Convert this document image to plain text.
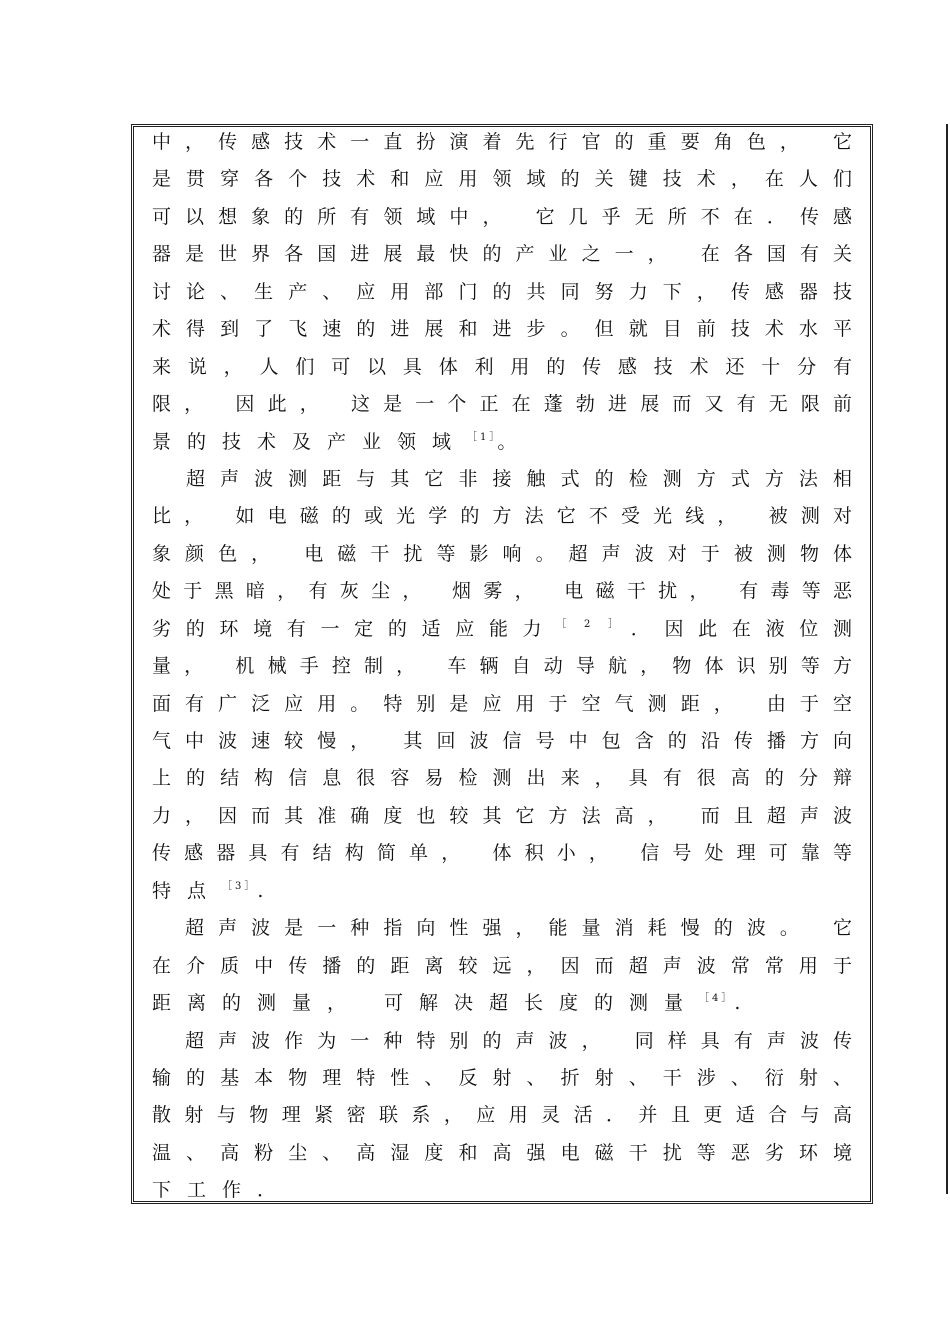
中，传感技术一直扮演着先行官的重要角色， 它
是贯穿各个技术和应用领域的关键技术，在人们
可以想象的所有领域中， 它几乎无所不在．传感
器是世界各国进展最快的产业之一， 在各国有关
讨论、生产、应用部门的共同努力下，传感器技
术得到了飞速的进展和进步。但就目前技术水平
来说，人们可以具体利用的传感技术还十分有
限， 因此， 这是一个正在蓬勃进展而又有无限前
景的技术及产业领域$^{[1]}$。
　超声波测距与其它非接触式的检测方式方法相
比， 如电磁的或光学的方法它不受光线， 被测对
象颜色， 电磁干扰等影响。超声波对于被测物体
处于黑暗，有灰尘， 烟雾， 电磁干扰， 有毒等恶
劣的环境有一定的适应能力$^{[2]}$．因此在液位测
量， 机械手控制， 车辆自动导航，物体识别等方
面有广泛应用。特别是应用于空气测距， 由于空
气中波速较慢， 其回波信号中包含的沿传播方向
上的结构信息很容易检测出来，具有很高的分辩
力，因而其准确度也较其它方法高， 而且超声波
传感器具有结构简单， 体积小， 信号处理可靠等
特点$^{[3]}$.
　超声波是一种指向性强，能量消耗慢的波。 它
在介质中传播的距离较远，因而超声波常常用于
距离的测量， 可解决超长度的测量$^{[4]}$.
　超声波作为一种特别的声波， 同样具有声波传
输的基本物理特性、反射、折射、干涉、衍射、
散射与物理紧密联系，应用灵活．并且更适合与高
温、高粉尘、高湿度和高强电磁干扰等恶劣环境
下工作．
